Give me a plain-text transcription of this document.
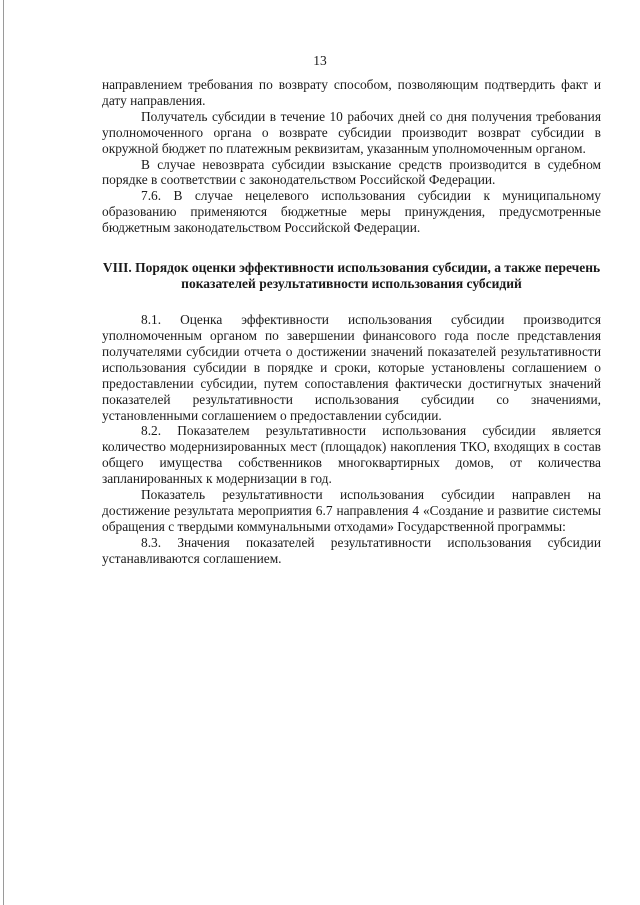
13

направлением требования по возврату способом, позволяющим подтвердить факт и дату направления.

Получатель субсидии в течение 10 рабочих дней со дня получения требования уполномоченного органа о возврате субсидии производит возврат субсидии в окружной бюджет по платежным реквизитам, указанным уполномоченным органом.

В случае невозврата субсидии взыскание средств производится в судебном порядке в соответствии с законодательством Российской Федерации.

7.6. В случае нецелевого использования субсидии к муниципальному образованию применяются бюджетные меры принуждения, предусмотренные бюджетным законодательством Российской Федерации.

VIII. Порядок оценки эффективности использования субсидии, а также перечень показателей результативности использования субсидий

8.1. Оценка эффективности использования субсидии производится уполномоченным органом по завершении финансового года после представления получателями субсидии отчета о достижении значений показателей результативности использования субсидии в порядке и сроки, которые установлены соглашением о предоставлении субсидии, путем сопоставления фактически достигнутых значений показателей результативности использования субсидии со значениями, установленными соглашением о предоставлении субсидии.

8.2. Показателем результативности использования субсидии является количество модернизированных мест (площадок) накопления ТКО, входящих в состав общего имущества собственников многоквартирных домов, от количества запланированных к модернизации в год.

Показатель результативности использования субсидии направлен на достижение результата мероприятия 6.7 направления 4 «Создание и развитие системы обращения с твердыми коммунальными отходами» Государственной программы:

8.3. Значения показателей результативности использования субсидии устанавливаются соглашением.
